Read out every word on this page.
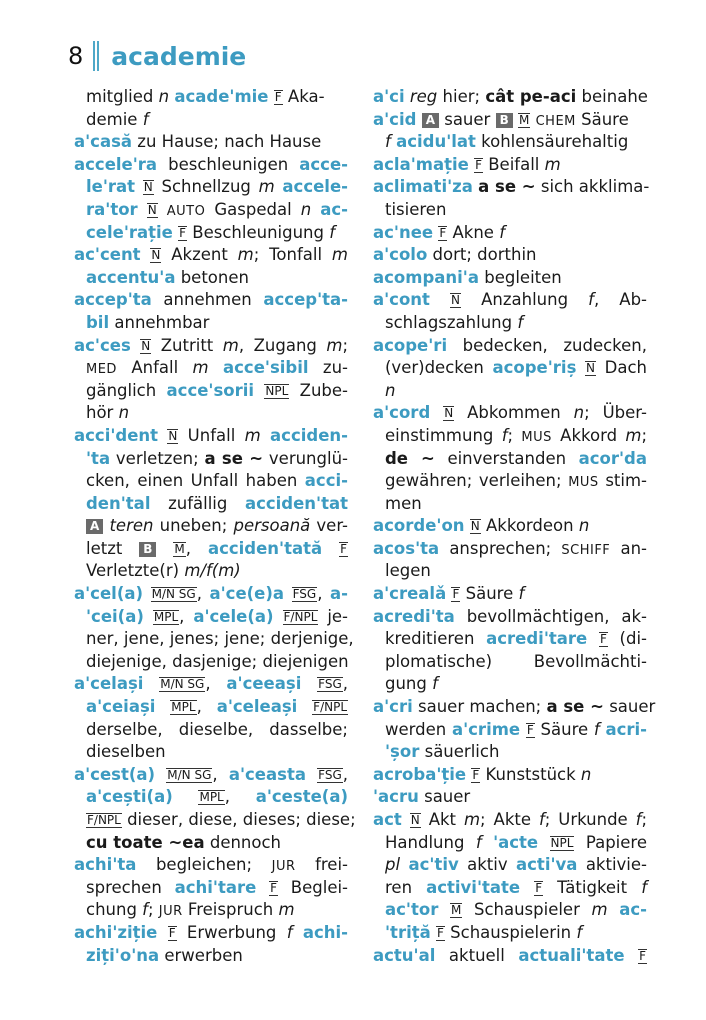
8 academie
mitglied n acade'mie F Aka-
demie f
a'casă zu Hause; nach Hause
accele'ra beschleunigen acce-
le'rat N Schnellzug m accele-
ra'tor N AUTO Gaspedal n ac-
cele'rație F Beschleunigung f
ac'cent N Akzent m; Tonfall m
accentu'a betonen
accep'ta annehmen accep'ta-
bil annehmbar
ac'ces N Zutritt m, Zugang m;
MED Anfall m acce'sibil zu-
gänglich acce'sorii NPL Zube-
hör n
acci'dent N Unfall m acciden-
'ta verletzen; a se ~ verunglü-
cken, einen Unfall haben acci-
den'tal zufällig acciden'tat
A teren uneben; persoană ver-
letzt B M, acciden'tată F
Verletzte(r) m/f(m)
a'cel(a) M/N SG, a'ce(e)a FSG, a-
'cei(a) MPL, a'cele(a) F/NPL je-
ner, jene, jenes; jene; derjenige,
diejenige, dasjenige; diejenigen
a'celași M/N SG, a'ceeași FSG,
a'ceiași MPL, a'celeași F/NPL
derselbe, dieselbe, dasselbe;
dieselben
a'cest(a) M/N SG, a'ceasta FSG,
a'cești(a) MPL, a'ceste(a)
F/NPL dieser, diese, dieses; diese;
cu toate ~ea dennoch
achi'ta begleichen; JUR frei-
sprechen achi'tare F Beglei-
chung f; JUR Freispruch m
achi'ziție F Erwerbung f achi-
ziți'o'na erwerben
a'ci reg hier; cât pe-aci beinahe
a'cid A sauer B M CHEM Säure
f acidu'lat kohlensäurehaltig
acla'mație F Beifall m
aclimati'za a se ~ sich akklima-
tisieren
ac'nee F Akne f
a'colo dort; dorthin
acompani'a begleiten
a'cont N Anzahlung f, Ab-
schlagszahlung f
acope'ri bedecken, zudecken,
(ver)decken acope'riș N Dach
n
a'cord N Abkommen n; Über-
einstimmung f; MUS Akkord m;
de ~ einverstanden acor'da
gewähren; verleihen; MUS stim-
men
acorde'on N Akkordeon n
acos'ta ansprechen; SCHIFF an-
legen
a'crealǎ F Säure f
acredi'ta bevollmächtigen, ak-
kreditieren acredi'tare F (di-
plomatische) Bevollmächti-
gung f
a'cri sauer machen; a se ~ sauer
werden a'crime F Säure f acri-
'șor säuerlich
acroba'ție F Kunststück n
'acru sauer
act N Akt m; Akte f; Urkunde f;
Handlung f 'acte NPL Papiere
pl ac'tiv aktiv acti'va aktivie-
ren activi'tate F Tätigkeit f
ac'tor M Schauspieler m ac-
'triță F Schauspielerin f
actu'al aktuell actuali'tate F
